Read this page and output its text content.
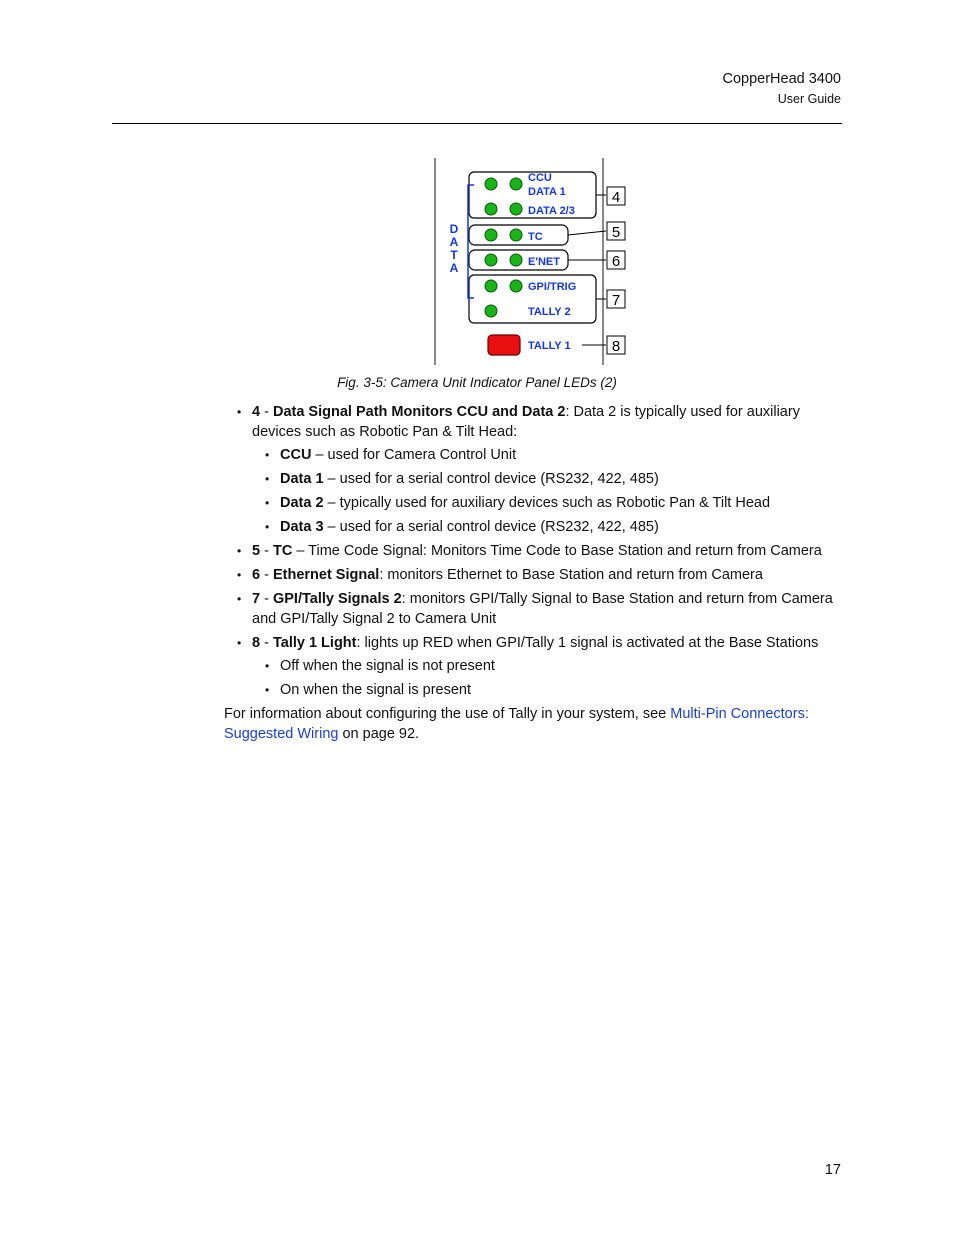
CopperHead 3400
User Guide
D
A
T
A
CCU
DATA 1
DATA 2/3
TC
E'NET
GPI/TRIG
TALLY 2
TALLY 1
4
5
6
7
8
Fig. 3-5: Camera Unit Indicator Panel LEDs (2)
• 4 - Data Signal Path Monitors CCU and Data 2: Data 2 is typically used for auxiliary devices such as Robotic Pan & Tilt Head:
• CCU – used for Camera Control Unit
• Data 1 – used for a serial control device (RS232, 422, 485)
• Data 2 – typically used for auxiliary devices such as Robotic Pan & Tilt Head
• Data 3 – used for a serial control device (RS232, 422, 485)
• 5 - TC – Time Code Signal: Monitors Time Code to Base Station and return from Camera
• 6 - Ethernet Signal: monitors Ethernet to Base Station and return from Camera
• 7 - GPI/Tally Signals 2: monitors GPI/Tally Signal to Base Station and return from Camera and GPI/Tally Signal 2 to Camera Unit
• 8 - Tally 1 Light: lights up RED when GPI/Tally 1 signal is activated at the Base Stations
• Off when the signal is not present
• On when the signal is present
For information about configuring the use of Tally in your system, see Multi-Pin Connectors: Suggested Wiring on page 92.
17
